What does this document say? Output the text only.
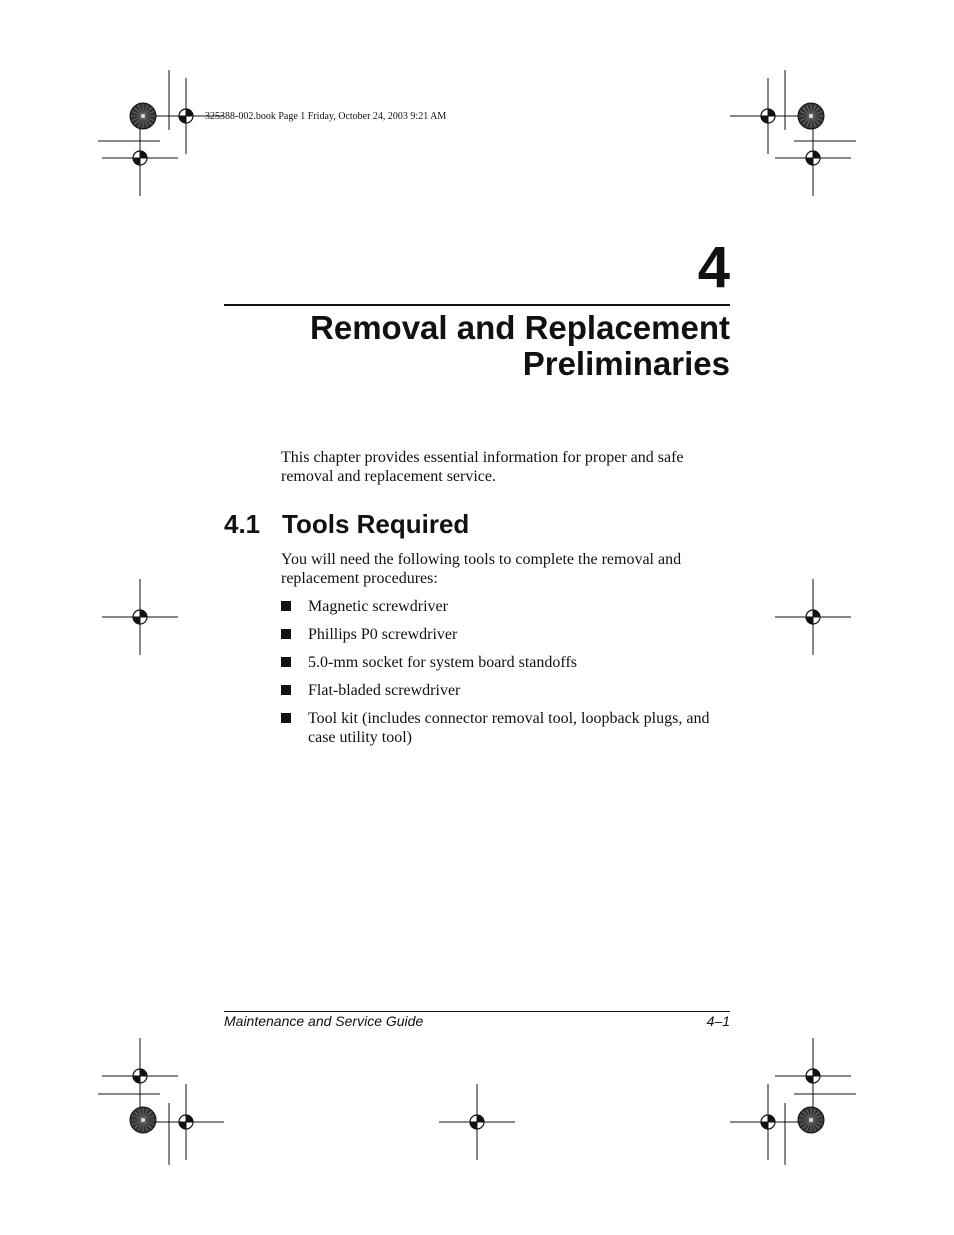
325388-002.book Page 1 Friday, October 24, 2003 9:21 AM
4
Removal and Replacement
Preliminaries

This chapter provides essential information for proper and safe removal and replacement service.

4.1 Tools Required

You will need the following tools to complete the removal and replacement procedures:

Magnetic screwdriver
Phillips P0 screwdriver
5.0-mm socket for system board standoffs
Flat-bladed screwdriver
Tool kit (includes connector removal tool, loopback plugs, and case utility tool)
Maintenance and Service Guide	4–1
